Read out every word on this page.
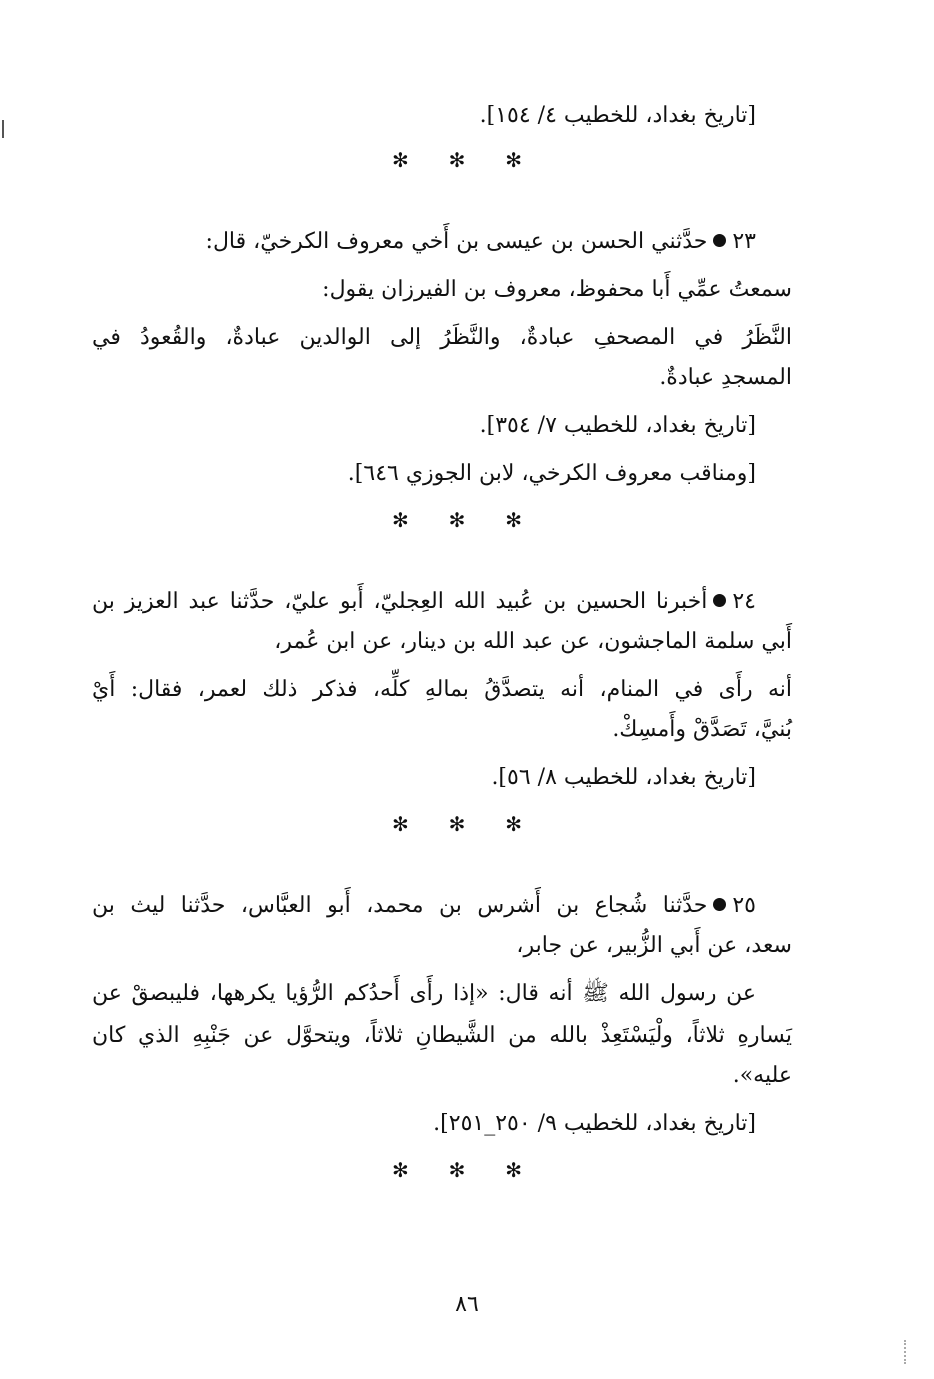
[تاريخ بغداد، للخطيب ٤/ ١٥٤].
✻ ✻ ✻
٢٣حدَّثني الحسن بن عيسى بن أَخي معروف الكرخيّ، قال:
سمعتُ عمِّي أَبا محفوظ، معروف بن الفيرزان يقول:
النَّظَرُ في المصحفِ عبادةٌ، والنَّظَرُ إلى الوالدين عبادةٌ، والقُعودُ في
المسجدِ عبادةٌ.
[تاريخ بغداد، للخطيب ٧/ ٣٥٤].
[ومناقب معروف الكرخي، لابن الجوزي ٦٤٦].
✻ ✻ ✻
٢٤أخبرنا الحسين بن عُبيد الله العِجليّ، أَبو عليّ، حدَّثنا عبد العزيز بن
أَبي سلمة الماجشون، عن عبد الله بن دينار، عن ابن عُمر،
أنه رأَى في المنام، أنه يتصدَّقُ بمالهِ كلِّه، فذكر ذلك لعمر، فقال: أَيْ
بُنيَّ، تَصَدَّقْ وأَمسِكْ.
[تاريخ بغداد، للخطيب ٨/ ٥٦].
✻ ✻ ✻
٢٥حدَّثنا شُجاع بن أَشرس بن محمد، أَبو العبَّاس، حدَّثنا ليث بن
سعد، عن أَبي الزُّبير، عن جابر،
عن رسول الله ﷺ أنه قال: «إذا رأَى أَحدُكم الرُّؤيا يكرهها، فليبصقْ عن
يَسارهِ ثلاثاً، ولْيَسْتَعِذْ بالله من الشَّيطانِ ثلاثاً، ويتحوَّل عن جَنْبِهِ الذي كان
عليه».
[تاريخ بغداد، للخطيب ٩/ ٢٥٠_٢٥١].
✻ ✻ ✻
٨٦
